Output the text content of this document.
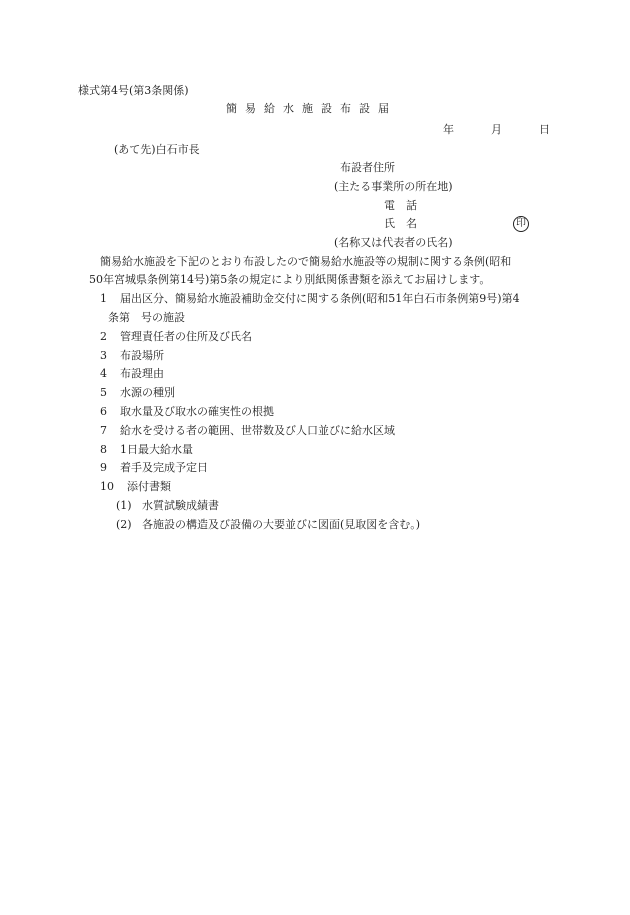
様式第4号(第3条関係)
簡易給水施設布設届
年	月	日
(あて先)白石市長
布設者住所
(主たる事業所の所在地)
電　話
氏　名	印
(名称又は代表者の氏名)
簡易給水施設を下記のとおり布設したので簡易給水施設等の規制に関する条例(昭和
50年宮城県条例第14号)第5条の規定により別紙関係書類を添えてお届けします。
1 届出区分、簡易給水施設補助金交付に関する条例(昭和51年白石市条例第9号)第4
条第　号の施設
2 管理責任者の住所及び氏名
3 布設場所
4 布設理由
5 水源の種別
6 取水量及び取水の確実性の根拠
7 給水を受ける者の範囲、世帯数及び人口並びに給水区域
8 1日最大給水量
9 着手及完成予定日
10 添付書類
(1) 水質試験成績書
(2) 各施設の構造及び設備の大要並びに図面(見取図を含む。)
